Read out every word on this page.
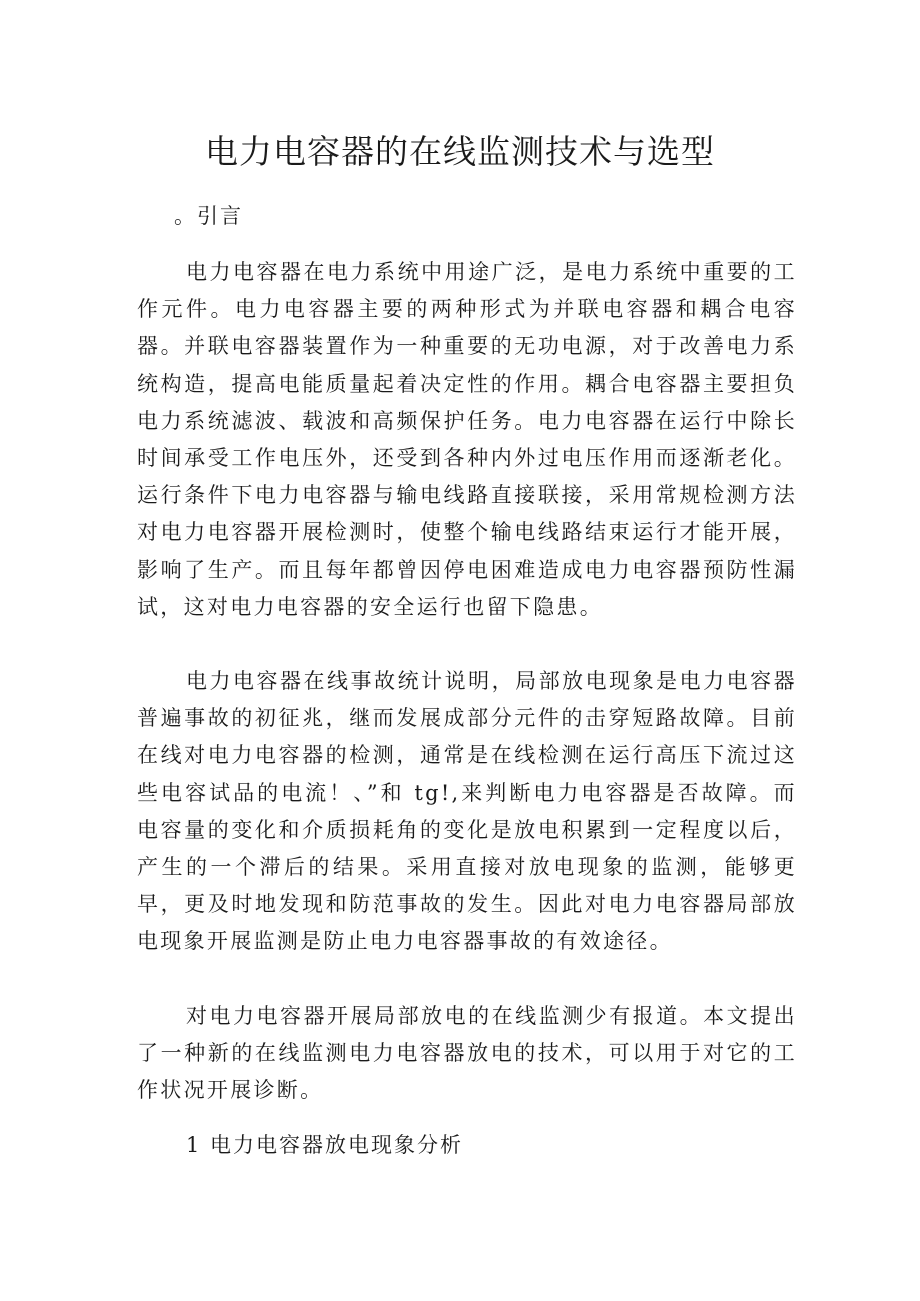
电力电容器的在线监测技术与选型

。引言

电力电容器在电力系统中用途广泛，是电力系统中重要的工作元件。电力电容器主要的两种形式为并联电容器和耦合电容器。并联电容器装置作为一种重要的无功电源，对于改善电力系统构造，提高电能质量起着决定性的作用。耦合电容器主要担负电力系统滤波、载波和高频保护任务。电力电容器在运行中除长时间承受工作电压外，还受到各种内外过电压作用而逐渐老化。运行条件下电力电容器与输电线路直接联接，采用常规检测方法对电力电容器开展检测时，使整个输电线路结束运行才能开展，影响了生产。而且每年都曾因停电困难造成电力电容器预防性漏试，这对电力电容器的安全运行也留下隐患。

电力电容器在线事故统计说明，局部放电现象是电力电容器普遍事故的初征兆，继而发展成部分元件的击穿短路故障。目前在线对电力电容器的检测，通常是在线检测在运行高压下流过这些电容试品的电流！、”和 tg!,来判断电力电容器是否故障。而电容量的变化和介质损耗角的变化是放电积累到一定程度以后，产生的一个滞后的结果。采用直接对放电现象的监测，能够更早，更及时地发现和防范事故的发生。因此对电力电容器局部放电现象开展监测是防止电力电容器事故的有效途径。

对电力电容器开展局部放电的在线监测少有报道。本文提出了一种新的在线监测电力电容器放电的技术，可以用于对它的工作状况开展诊断。

1 电力电容器放电现象分析
